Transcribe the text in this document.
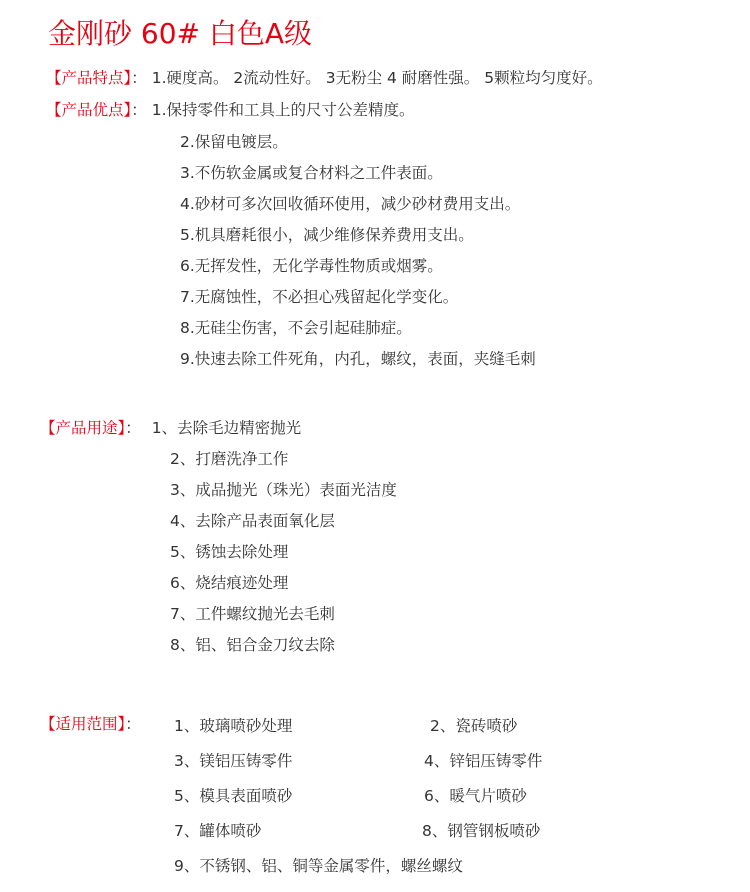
金刚砂 60# 白色A级
【产品特点】： 1.硬度高。 2流动性好。 3无粉尘 4 耐磨性强。 5颗粒均匀度好。
【产品优点】： 1.保持零件和工具上的尺寸公差精度。
2.保留电镀层。
3.不伤软金属或复合材料之工件表面。
4.砂材可多次回收循环使用，减少砂材费用支出。
5.机具磨耗很小，减少维修保养费用支出。
6.无挥发性，无化学毒性物质或烟雾。
7.无腐蚀性，不必担心残留起化学变化。
8.无硅尘伤害，不会引起硅肺症。
9.快速去除工件死角，内孔，螺纹，表面，夹缝毛刺
【产品用途】： 1、去除毛边精密抛光
2、打磨洗净工作
3、成品抛光（珠光）表面光洁度
4、去除产品表面氧化层
5、锈蚀去除处理
6、烧结痕迹处理
7、工件螺纹抛光去毛刺
8、铝、铝合金刀纹去除
【适用范围】： 1、玻璃喷砂处理	2、瓷砖喷砂
3、镁铝压铸零件	4、锌铝压铸零件
5、模具表面喷砂	6、暖气片喷砂
7、罐体喷砂	8、钢管钢板喷砂
9、不锈钢、铝、铜等金属零件，螺丝螺纹
